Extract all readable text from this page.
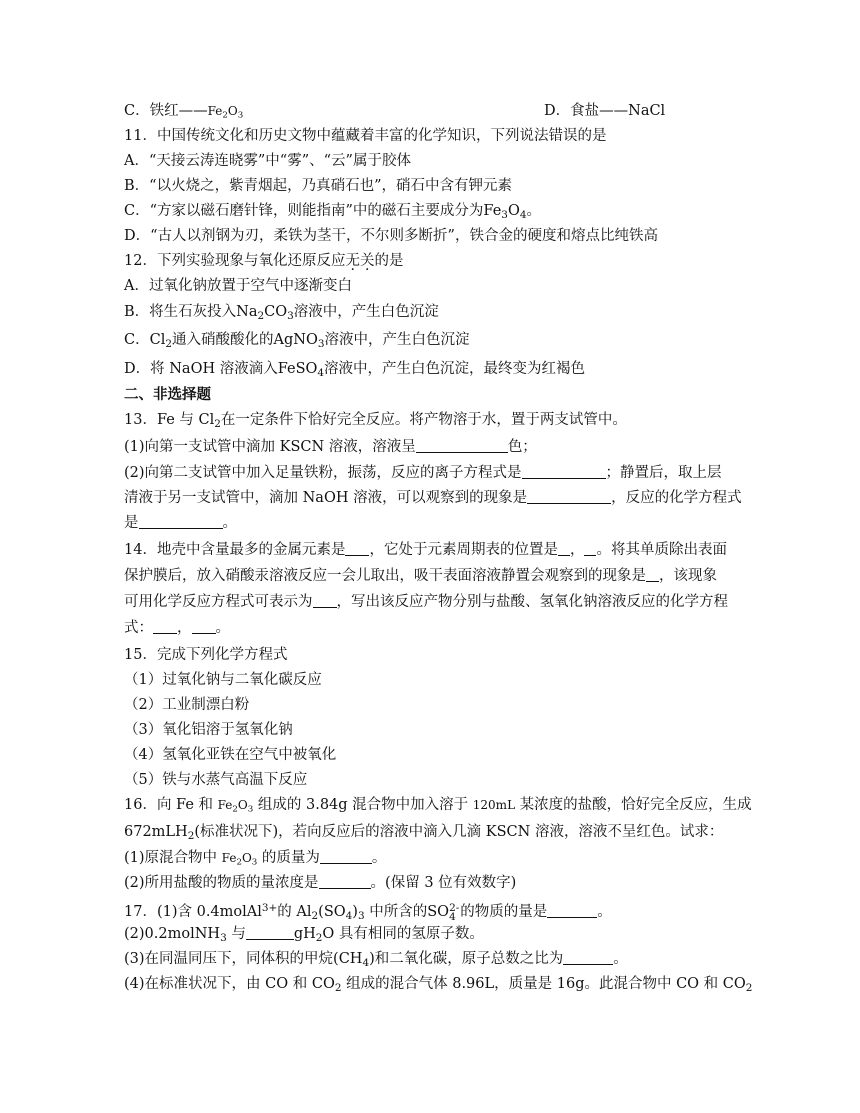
C．铁红$——Fe_2O_3$	D．食盐——NaCl
11．中国传统文化和历史文物中蕴藏着丰富的化学知识，下列说法错误的是
A．“天接云涛连晓雾”中“雾”、“云”属于胶体
B．“以火烧之，紫青烟起，乃真硝石也”，硝石中含有钾元素
C．“方家以磁石磨针锋，则能指南”中的磁石主要成分为$Fe_3O_4$。
D．“古人以剂钢为刃，柔铁为茎干，不尔则多断折”，铁合金的硬度和熔点比纯铁高
12．下列实验现象与氧化还原反应无关的是
A．过氧化钠放置于空气中逐渐变白
B．将生石灰投入$Na_2CO_3$溶液中，产生白色沉淀
C．$Cl_2$通入硝酸酸化的AgNO$_3$溶液中，产生白色沉淀
D．将 NaOH 溶液滴入FeSO$_4$溶液中，产生白色沉淀，最终变为红褐色
二、非选择题
13．Fe 与 $Cl_2$在一定条件下恰好完全反应。将产物溶于水，置于两支试管中。
(1)向第一支试管中滴加 KSCN 溶液，溶液呈	色；
(2)向第二支试管中加入足量铁粉，振荡，反应的离子方程式是	；静置后，取上层
清液于另一支试管中，滴加 NaOH 溶液，可以观察到的现象是	，反应的化学方程式
是	。
14．地壳中含量最多的金属元素是 ，它处于元素周期表的位置是 ， 。将其单质除出表面
保护膜后，放入硝酸汞溶液反应一会儿取出，吸干表面溶液静置会观察到的现象是 ，该现象
可用化学反应方程式可表示为 ，写出该反应产物分别与盐酸、氢氧化钠溶液反应的化学方程
式： ， 。
15．完成下列化学方程式
（1）过氧化钠与二氧化碳反应
（2）工业制漂白粉
（3）氧化铝溶于氢氧化钠
（4）氢氧化亚铁在空气中被氧化
（5）铁与水蒸气高温下反应
16．向 Fe 和 $Fe_2O_3$ 组成的 3.84g 混合物中加入溶于 120mL 某浓度的盐酸，恰好完全反应，生成
672mLH$_2$(标准状况下)，若向反应后的溶液中滴入几滴 KSCN 溶液，溶液不呈红色。试求：
(1)原混合物中 $Fe_2O_3$ 的质量为	。
(2)所用盐酸的物质的量浓度是	。(保留 3 位有效数字)
17．(1)含 0.4molAl$^{3+}$的 $Al_2(SO_4)_3$ 中所含的SO 2-
4 的物质的量是	。
(2)0.2molNH$_3$ 与	$gH_2O$ 具有相同的氢原子数。
(3)在同温同压下，同体积的甲烷$(CH_4)$和二氧化碳，原子总数之比为	。
(4)在标准状况下，由 CO 和 $CO_2$ 组成的混合气体 8.96L，质量是 16g。此混合物中 CO 和 $CO_2$
